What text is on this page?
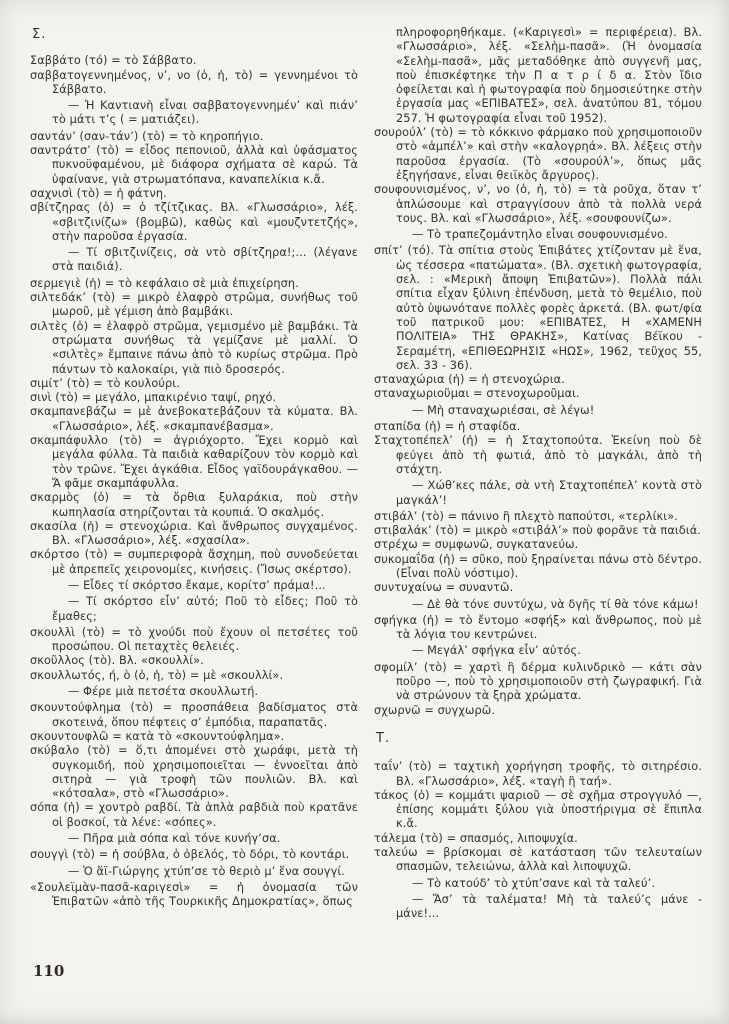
Σ.

Σαββάτο (τό) = τὸ Σάββατο.

σαββατογεννημένος, ν’, νο (ὁ, ἡ, τὸ) = γεννημένοι τὸ Σάββατο.

— Ἡ Καντιανὴ εἶναι σαββατογεννημέν’ καὶ πιάν’ τὸ μάτι τ’ς ( = ματιάζει).

σαντάν’ (σαν-τάν’) (τὸ) = τὸ κηροπήγιο.

σαντράτσ’ (τὸ) = εἶδος πεπονιοῦ, ἀλλὰ καὶ ὑφάσματος πυκνοϋφαμένου, μὲ διάφορα σχήματα σὲ καρώ. Τὰ ὑφαίνανε, γιὰ στρωματόπανα, καναπελίκια κ.ἄ.

σαχνισὶ (τὸ) = ἡ φάτνη.

σβίτζηρας (ὁ) = ὁ τζίτζικας. Βλ. «Γλωσσάριο», λέξ. «σβιτζινίζω» (βομβῶ), καθὼς καὶ «μουζντετζής», στὴν παροῦσα ἐργασία.

— Τί σβιτζινίζεις, σὰ ντὸ σβίτζηρα!;... (λέγανε στὰ παιδιά).

σερμεγιὲ (ἡ) = τὸ κεφάλαιο σὲ μιὰ ἐπιχείρηση.

σιλτεδάκ’ (τὸ) = μικρὸ ἐλαφρὸ στρῶμα, συνήθως τοῦ μωροῦ, μὲ γέμιση ἀπὸ βαμβάκι.

σιλτὲς (ὁ) = ἐλαφρὸ στρῶμα, γεμισμένο μὲ βαμβάκι. Τὰ στρώματα συνήθως τὰ γεμίζανε μὲ μαλλί. Ὁ «σιλτὲς» ἔμπαινε πάνω ἀπὸ τὸ κυρίως στρῶμα. Πρὸ πάντων τὸ καλοκαίρι, γιὰ πιὸ δροσερός.

σιμίτ’ (τὸ) = τὸ κουλούρι.

σινὶ (τὸ) = μεγάλο, μπακιρένιο ταψί, ρηχό.

σκαμπανεβάζω = μὲ ἀνεβοκατεβάζουν τὰ κύματα. Βλ. «Γλωσσάριο», λέξ. «σκαμπανέβασμα».

σκαμπάφυλλο (τὸ) = ἀγριόχορτο. Ἔχει κορμὸ καὶ μεγάλα φύλλα. Τὰ παιδιὰ καθαρίζουν τὸν κορμὸ καὶ τὸν τρῶνε. Ἔχει ἀγκάθια. Εἶδος γαϊδουράγκαθου. — Ἄ φᾶμε σκαμπάφυλλα.

σκαρμὸς (ὁ) = τὰ ὄρθια ξυλαράκια, ποὺ στὴν κωπηλασία στηρίζονται τὰ κουπιά. Ὁ σκαλμός.

σκασίλα (ἡ) = στενοχώρια. Καὶ ἄνθρωπος συγχαμένος. Βλ. «Γλωσσάριο», λέξ. «σχασίλα».

σκόρτσο (τὸ) = συμπεριφορὰ ἄσχημη, ποὺ συνοδεύεται μὲ ἀπρεπεῖς χειρονομίες, κινήσεις. (Ἴσως σκέρτσο).

— Εἶδες τί σκόρτσο ἔκαμε, κορίτσ’ πράμα!...

— Τί σκόρτσο εἶν’ αὐτό; Ποῦ τὸ εἶδες; Ποῦ τὸ ἔμαθες;

σκουλλὶ (τὸ) = τὸ χνούδι ποὺ ἔχουν οἱ πετσέτες τοῦ προσώπου. Οἱ πεταχτὲς θελειές.

σκοῦλλος (τὸ). Βλ. «σκουλλί».

σκουλλωτός, ή, ὸ (ὁ, ἡ, τὸ) = μὲ «σκουλλί».

— Φέρε μιὰ πετσέτα σκουλλωτή.

σκουντούφλημα (τὸ) = προσπάθεια βαδίσματος στὰ σκοτεινά, ὅπου πέφτεις σ’ ἐμπόδια, παραπατᾶς.

σκουντουφλῶ = κατὰ τὸ «σκουντούφλημα».

σκύβαλο (τὸ) = ὅ,τι ἀπομένει στὸ χωράφι, μετὰ τὴ συγκομιδή, ποὺ χρησιμοποιεῖται — ἐννοεῖται ἀπὸ σιτηρὰ — γιὰ τροφὴ τῶν πουλιῶν. Βλ. καὶ «κότσαλα», στὸ «Γλωσσάριο».

σόπα (ἡ) = χοντρὸ ραβδί. Τὰ ἁπλὰ ραβδιὰ ποὺ κρατᾶνε οἱ βοσκοί, τὰ λένε: «σόπες».

— Πῆρα μιὰ σόπα καὶ τόνε κυνήγ’σα.

σουγγὶ (τὸ) = ἡ σούβλα, ὁ ὀβελός, τὸ δόρι, τὸ κοντάρι.

— Ὁ ἅϊ-Γιώργης χτύπ’σε τὸ θεριὸ μ’ ἕνα σουγγί.

«Σουλεϊμὰν-πασᾶ-καριγεσὶ» = ἡ ὀνομασία τῶν Ἐπιβατῶν «ἀπὸ τῆς Τουρκικῆς Δημοκρατίας», ὅπως

πληροφορηθήκαμε. («Καριγεσὶ» = περιφέρεια). Βλ. «Γλωσσάριο», λέξ. «Σελὴμ-πασᾶ». (Ἡ ὀνομασία «Σελὴμ-πασᾶ», μᾶς μεταδόθηκε ἀπὸ συγγενῆ μας, ποὺ ἐπισκέφτηκε τὴν Π α τ ρ ί δ α. Στὸν ἴδιο ὀφείλεται καὶ ἡ φωτογραφία ποὺ δημοσιεύτηκε στὴν ἐργασία μας «ΕΠΙΒΑΤΕΣ», σελ. ἀνατύπου 81, τόμου 257. Ἡ φωτογραφία εἶναι τοῦ 1952).

σουρούλ’ (τὸ) = τὸ κόκκινο φάρμακο ποὺ χρησιμοποιοῦν στὸ «ἀμπέλ’» καὶ στὴν «καλογρηά». Βλ. λέξεις στὴν παροῦσα ἐργασία. (Τὸ «σουρούλ’», ὅπως μᾶς ἐξηγήσανε, εἶναι θειϊκὸς ἄργυρος).

σουφουνισμένος, ν’, νο (ὁ, ἡ, τὸ) = τὰ ροῦχα, ὅταν τ’ ἁπλώσουμε καὶ στραγγίσουν ἀπὸ τὰ πολλὰ νερά τους. Βλ. καὶ «Γλωσσάριο», λέξ. «σουφουνίζω».

— Τὸ τραπεζομάντηλο εἶναι σουφουνισμένο.

σπίτ’ (τό). Τὰ σπίτια στοὺς Ἐπιβάτες χτίζονταν μὲ ἕνα, ὡς τέσσερα «πατώματα». (Βλ. σχετικὴ φωτογραφία, σελ. : «Μερικὴ ἄποψη Ἐπιβατῶν»). Πολλὰ πάλι σπίτια εἶχαν ξύλινη ἐπένδυση, μετὰ τὸ θεμέλιο, ποὺ αὐτὸ ὑψωνότανε πολλὲς φορὲς ἀρκετά. (Βλ. φωτ/φία τοῦ πατρικοῦ μου: «ΕΠΙΒΑΤΕΣ, Η «ΧΑΜΕΝΗ ΠΟΛΙΤΕΙΑ» ΤΗΣ ΘΡΑΚΗΣ», Κατίνας Βέϊκου - Σεραμέτη, «ΕΠΙΘΕΩΡΗΣΙΣ «ΗΩΣ», 1962, τεῦχος 55, σελ. 33 - 36).

σταναχώρια (ἡ) = ἡ στενοχώρια.

σταναχωριοῦμαι = στενοχωροῦμαι.

— Μὴ σταναχωριέσαι, σὲ λέγω!

σταπίδα (ἡ) = ἡ σταφίδα.

Σταχτοπέπελ’ (ἡ) = ἡ Σταχτοπούτα. Ἐκείνη ποὺ δὲ φεύγει ἀπὸ τὴ φωτιά, ἀπὸ τὸ μαγκάλι, ἀπὸ τὴ στάχτη.

— Χώθ’κες πάλε, σὰ ντὴ Σταχτοπέπελ’ κοντὰ στὸ μαγκάλ’!

στιβάλ’ (τὸ) = πάνινο ἢ πλεχτὸ παπούτσι, «τερλίκι».

στιβαλάκ’ (τὸ) = μικρὸ «στιβάλ’» ποὺ φορᾶνε τὰ παιδιά.

στρέχω = συμφωνῶ, συγκατανεύω.

συκομαΐδα (ἡ) = σῦκο, ποὺ ξηραίνεται πάνω στὸ δέντρο. (Εἶναι πολὺ νόστιμο).

συντυχαίνω = συναντῶ.

— Δὲ θὰ τόνε συντύχω, νὰ δγῆς τί θὰ τόνε κάμω!

σφήγκα (ἡ) = τὸ ἔντομο «σφήξ» καὶ ἄνθρωπος, ποὺ μὲ τὰ λόγια του κεντρώνει.

— Μεγάλ’ σφήγκα εἶν’ αὐτός.

σφομίλ’ (τὸ) = χαρτὶ ἢ δέρμα κυλινδρικὸ — κάτι σὰν ποῦρο —, ποὺ τὸ χρησιμοποιοῦν στὴ ζωγραφική. Γιὰ νὰ στρώνουν τὰ ξηρὰ χρώματα.

σχωρνῶ = συγχωρῶ.

Τ.

ταΐν’ (τὸ) = ταχτικὴ χορήγηση τροφῆς, τὸ σιτηρέσιο. Βλ. «Γλωσσάριο», λέξ. «ταγὴ ἢ ταή».

τάκος (ὁ) = κομμάτι ψαριοῦ — σὲ σχῆμα στρογγυλό —, ἐπίσης κομμάτι ξύλου γιὰ ὑποστήριγμα σὲ ἔπιπλα κ.ἄ.

τάλεμα (τὸ) = σπασμός, λιποψυχία.

ταλεύω = βρίσκομαι σὲ κατάσταση τῶν τελευταίων σπασμῶν, τελειώνω, ἀλλὰ καὶ λιποψυχῶ.

— Τὸ κατούδ’ τὸ χτύπ’σανε καὶ τὰ ταλεύ’.

— Ἄσ’ τὰ ταλέματα! Μὴ τὰ ταλεύ’ς μάνε - μάνε!...

110
